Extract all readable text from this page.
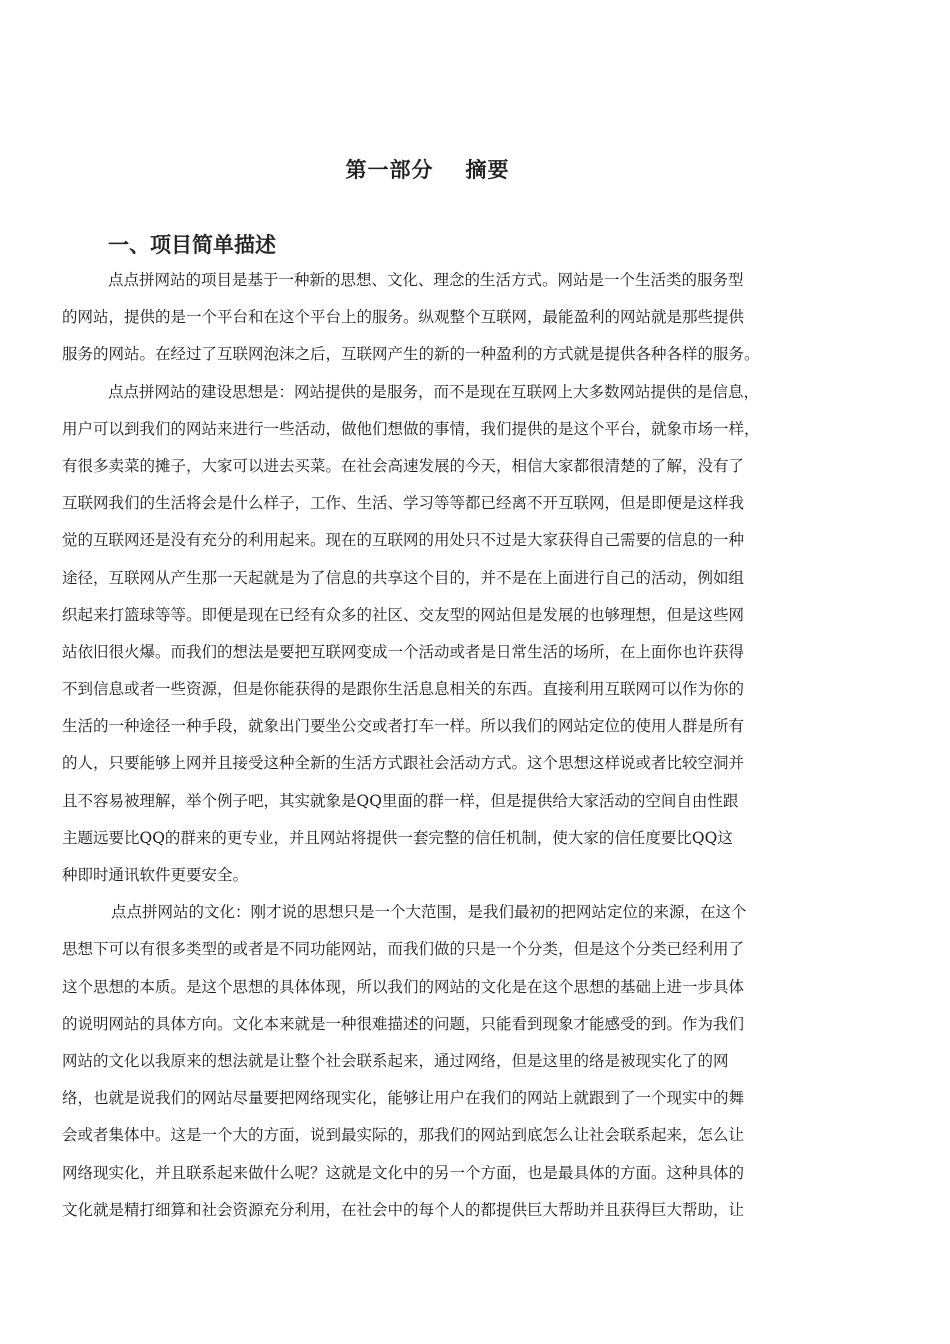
第一部分 摘要
一、项目简单描述
点点拼网站的项目是基于一种新的思想、文化、理念的生活方式。网站是一个生活类的服务型
的网站，提供的是一个平台和在这个平台上的服务。纵观整个互联网，最能盈利的网站就是那些提供
服务的网站。在经过了互联网泡沫之后，互联网产生的新的一种盈利的方式就是提供各种各样的服务。
点点拼网站的建设思想是：网站提供的是服务，而不是现在互联网上大多数网站提供的是信息，
用户可以到我们的网站来进行一些活动，做他们想做的事情，我们提供的是这个平台，就象市场一样，
有很多卖菜的摊子，大家可以进去买菜。在社会高速发展的今天，相信大家都很清楚的了解，没有了
互联网我们的生活将会是什么样子，工作、生活、学习等等都已经离不开互联网，但是即便是这样我
觉的互联网还是没有充分的利用起来。现在的互联网的用处只不过是大家获得自己需要的信息的一种
途径，互联网从产生那一天起就是为了信息的共享这个目的，并不是在上面进行自己的活动，例如组
织起来打篮球等等。即便是现在已经有众多的社区、交友型的网站但是发展的也够理想，但是这些网
站依旧很火爆。而我们的想法是要把互联网变成一个活动或者是日常生活的场所，在上面你也许获得
不到信息或者一些资源，但是你能获得的是跟你生活息息相关的东西。直接利用互联网可以作为你的
生活的一种途径一种手段，就象出门要坐公交或者打车一样。所以我们的网站定位的使用人群是所有
的人，只要能够上网并且接受这种全新的生活方式跟社会活动方式。这个思想这样说或者比较空洞并
且不容易被理解，举个例子吧，其实就象是QQ里面的群一样，但是提供给大家活动的空间自由性跟
主题远要比QQ的群来的更专业，并且网站将提供一套完整的信任机制，使大家的信任度要比QQ这
种即时通讯软件更要安全。
点点拼网站的文化：刚才说的思想只是一个大范围，是我们最初的把网站定位的来源，在这个
思想下可以有很多类型的或者是不同功能网站，而我们做的只是一个分类，但是这个分类已经利用了
这个思想的本质。是这个思想的具体体现，所以我们的网站的文化是在这个思想的基础上进一步具体
的说明网站的具体方向。文化本来就是一种很难描述的问题，只能看到现象才能感受的到。作为我们
网站的文化以我原来的想法就是让整个社会联系起来，通过网络，但是这里的络是被现实化了的网
络，也就是说我们的网站尽量要把网络现实化，能够让用户在我们的网站上就跟到了一个现实中的舞
会或者集体中。这是一个大的方面，说到最实际的，那我们的网站到底怎么让社会联系起来，怎么让
网络现实化，并且联系起来做什么呢？这就是文化中的另一个方面，也是最具体的方面。这种具体的
文化就是精打细算和社会资源充分利用，在社会中的每个人的都提供巨大帮助并且获得巨大帮助，让
